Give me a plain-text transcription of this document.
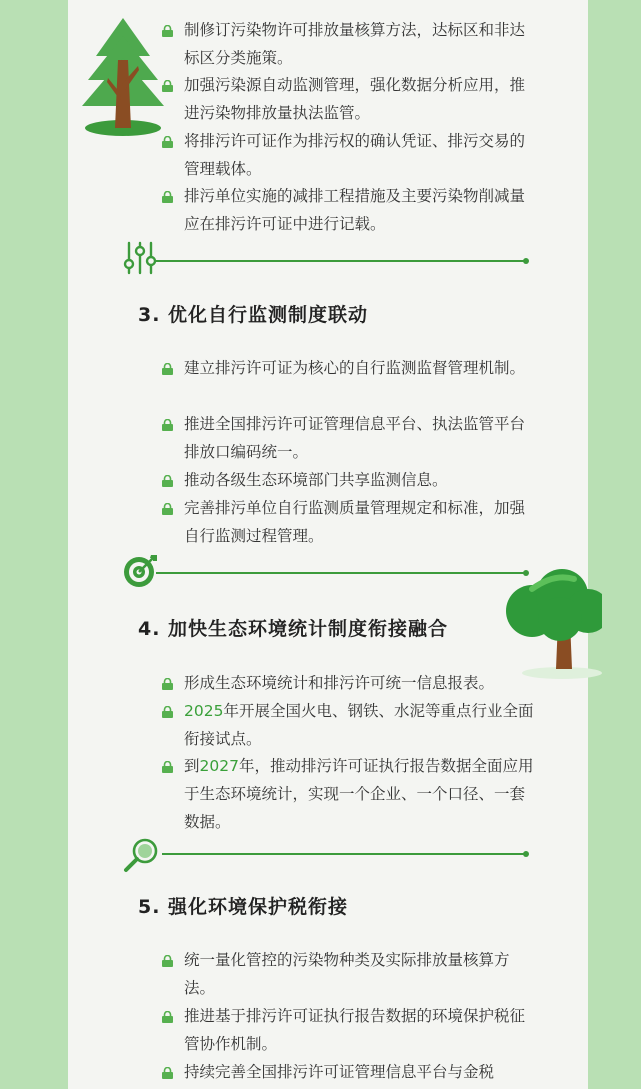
制修订污染物许可排放量核算方法，达标区和非达标区分类施策。
加强污染源自动监测管理，强化数据分析应用，推进污染物排放量执法监管。
将排污许可证作为排污权的确认凭证、排污交易的管理载体。
排污单位实施的减排工程措施及主要污染物削减量应在排污许可证中进行记载。
3. 优化自行监测制度联动
建立排污许可证为核心的自行监测监督管理机制。
推进全国排污许可证管理信息平台、执法监管平台排放口编码统一。
推动各级生态环境部门共享监测信息。
完善排污单位自行监测质量管理规定和标准，加强自行监测过程管理。
4. 加快生态环境统计制度衔接融合
形成生态环境统计和排污许可统一信息报表。
2025年开展全国火电、钢铁、水泥等重点行业全面衔接试点。
到2027年，推动排污许可证执行报告数据全面应用于生态环境统计，实现一个企业、一个口径、一套数据。
5. 强化环境保护税衔接
统一量化管控的污染物种类及实际排放量核算方法。
推进基于排污许可证执行报告数据的环境保护税征管协作机制。
持续完善全国排污许可证管理信息平台与金税
